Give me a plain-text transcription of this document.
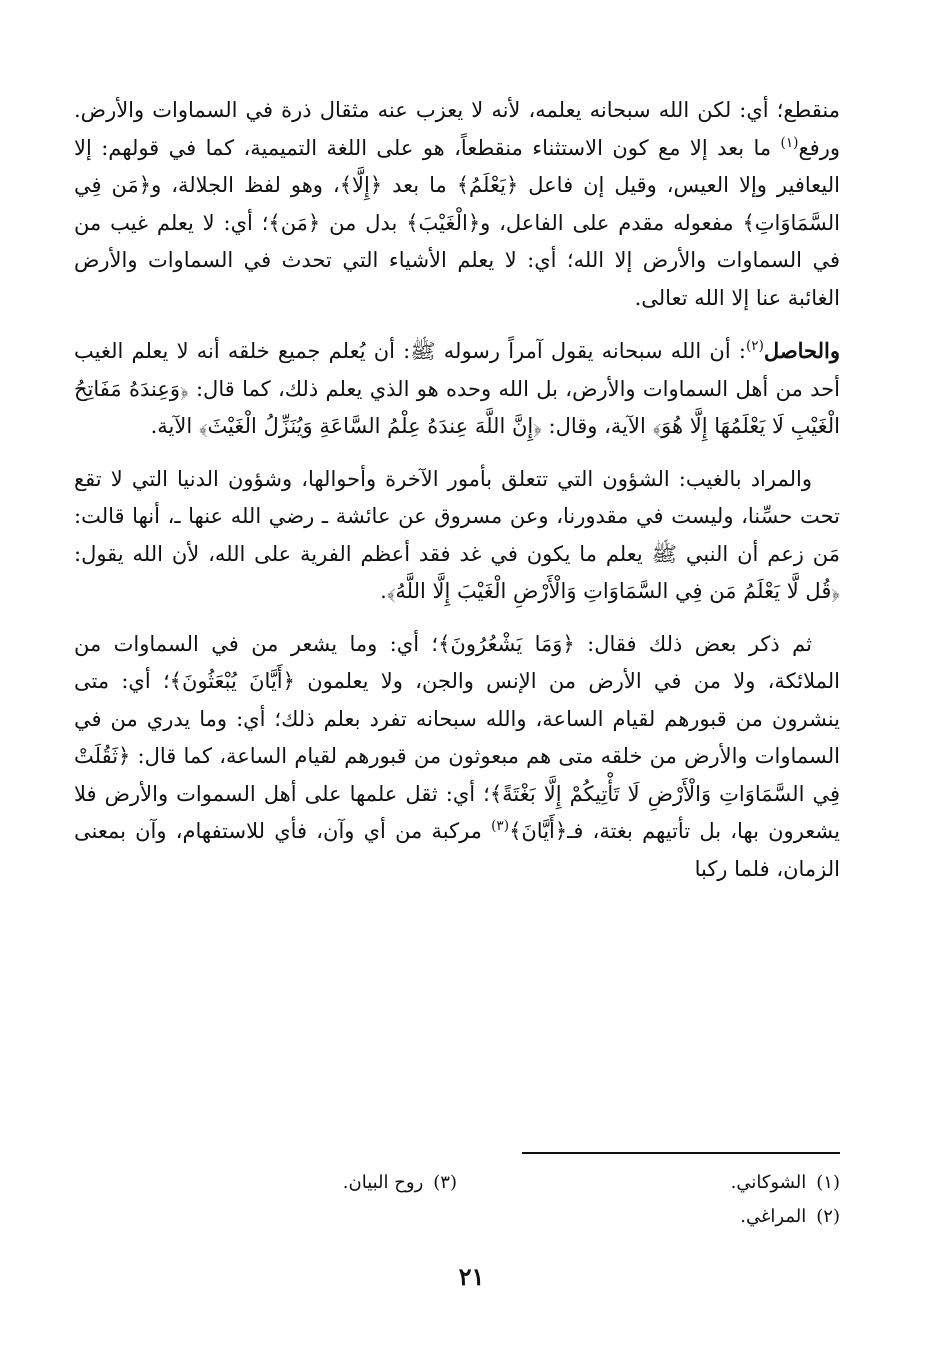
منقطع؛ أي: لكن الله سبحانه يعلمه، لأنه لا يعزب عنه مثقال ذرة في السماوات والأرض. ورفع$^{(١)}$ ما بعد إلا مع كون الاستثناء منقطعاً، هو على اللغة التميمية، كما في قولهم: إلا اليعافير وإلا العيس، وقيل إن فاعل ﴿يَعْلَمُ﴾ ما بعد ﴿إِلَّا﴾، وهو لفظ الجلالة، و﴿مَن فِي السَّمَاوَاتِ﴾ مفعوله مقدم على الفاعل، و﴿الْغَيْبَ﴾ بدل من ﴿مَن﴾؛ أي: لا يعلم غيب من في السماوات والأرض إلا الله؛ أي: لا يعلم الأشياء التي تحدث في السماوات والأرض الغائبة عنا إلا الله تعالى.

والحاصل$^{(٢)}$: أن الله سبحانه يقول آمراً رسوله ﷺ: أن يُعلم جميع خلقه أنه لا يعلم الغيب أحد من أهل السماوات والأرض، بل الله وحده هو الذي يعلم ذلك، كما قال: ﴿وَعِندَهُ مَفَاتِحُ الْغَيْبِ لَا يَعْلَمُهَا إِلَّا هُوَ﴾ الآية، وقال: ﴿إِنَّ اللَّهَ عِندَهُ عِلْمُ السَّاعَةِ وَيُنَزِّلُ الْغَيْثَ﴾ الآية.

والمراد بالغيب: الشؤون التي تتعلق بأمور الآخرة وأحوالها، وشؤون الدنيا التي لا تقع تحت حسِّنا، وليست في مقدورنا، وعن مسروق عن عائشة ـ رضي الله عنها ـ، أنها قالت: مَن زعم أن النبي ﷺ يعلم ما يكون في غد فقد أعظم الفرية على الله، لأن الله يقول: ﴿قُل لَّا يَعْلَمُ مَن فِي السَّمَاوَاتِ وَالْأَرْضِ الْغَيْبَ إِلَّا اللَّهُ﴾.

ثم ذكر بعض ذلك فقال: ﴿وَمَا يَشْعُرُونَ﴾؛ أي: وما يشعر من في السماوات من الملائكة، ولا من في الأرض من الإنس والجن، ولا يعلمون ﴿أَيَّانَ يُبْعَثُونَ﴾؛ أي: متى ينشرون من قبورهم لقيام الساعة، والله سبحانه تفرد بعلم ذلك؛ أي: وما يدري من في السماوات والأرض من خلقه متى هم مبعوثون من قبورهم لقيام الساعة، كما قال: ﴿ثَقُلَتْ فِي السَّمَاوَاتِ وَالْأَرْضِ لَا تَأْتِيكُمْ إِلَّا بَغْتَةً﴾؛ أي: ثقل علمها على أهل السموات والأرض فلا يشعرون بها، بل تأتيهم بغتة، فـ﴿أَيَّانَ﴾$^{(٣)}$ مركبة من أي وآن، فأي للاستفهام، وآن بمعنى الزمان، فلما ركبا

(١)الشوكاني.
(٣)روح البيان.
(٢)المراغي.
٢١
